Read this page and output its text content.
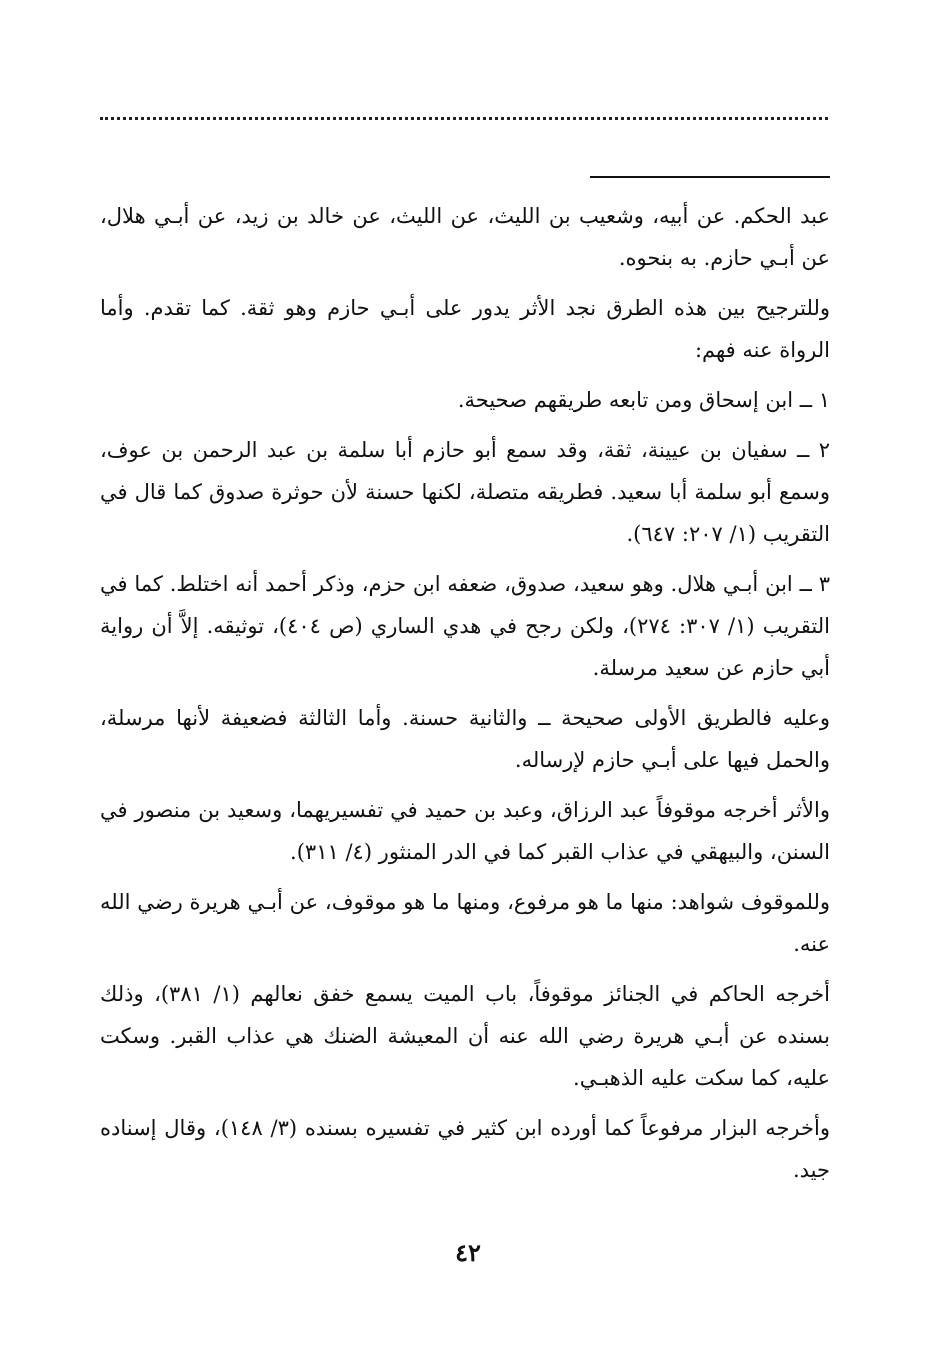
عبد الحكم. عن أبيه، وشعيب بن الليث، عن الليث، عن خالد بن زيد، عن أبـي هلال، عن أبـي حازم. به بنحوه.

وللترجيح بين هذه الطرق نجد الأثر يدور على أبـي حازم وهو ثقة. كما تقدم. وأما الرواة عنه فهم:

١ ــ ابن إسحاق ومن تابعه طريقهم صحيحة.

٢ ــ سفيان بن عيينة، ثقة، وقد سمع أبو حازم أبا سلمة بن عبد الرحمن بن عوف، وسمع أبو سلمة أبا سعيد. فطريقه متصلة، لكنها حسنة لأن حوثرة صدوق كما قال في التقريب (١/ ٢٠٧: ٦٤٧).

٣ ــ ابن أبـي هلال. وهو سعيد، صدوق، ضعفه ابن حزم، وذكر أحمد أنه اختلط. كما في التقريب (١/ ٣٠٧: ٢٧٤)، ولكن رجح في هدي الساري (ص ٤٠٤)، توثيقه. إلاَّ أن رواية أبي حازم عن سعيد مرسلة.

وعليه فالطريق الأولى صحيحة ــ والثانية حسنة. وأما الثالثة فضعيفة لأنها مرسلة، والحمل فيها على أبـي حازم لإرساله.

والأثر أخرجه موقوفاً عبد الرزاق، وعبد بن حميد في تفسيريهما، وسعيد بن منصور في السنن، والبيهقي في عذاب القبر كما في الدر المنثور (٤/ ٣١١).

وللموقوف شواهد: منها ما هو مرفوع، ومنها ما هو موقوف، عن أبـي هريرة رضي الله عنه.

أخرجه الحاكم في الجنائز موقوفاً، باب الميت يسمع خفق نعالهم (١/ ٣٨١)، وذلك بسنده عن أبـي هريرة رضي الله عنه أن المعيشة الضنك هي عذاب القبر. وسكت عليه، كما سكت عليه الذهبـي.

وأخرجه البزار مرفوعاً كما أورده ابن كثير في تفسيره بسنده (٣/ ١٤٨)، وقال إسناده جيد.

٤٢
